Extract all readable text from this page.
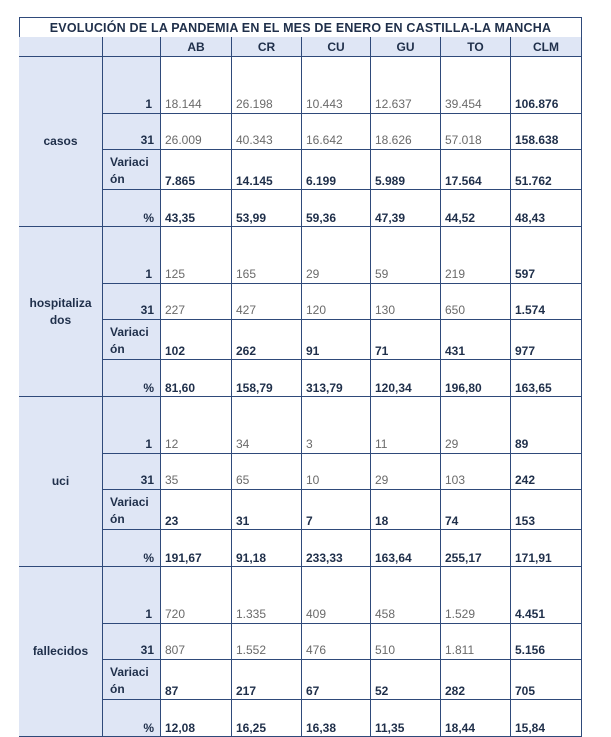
EVOLUCIÓN DE LA PANDEMIA EN EL MES DE ENERO EN CASTILLA-LA MANCHA
AB	CR	CU	GU	TO	CLM
casos
1 18.144	26.198	10.443	12.637	39.454	106.876
31 26.009	40.343	16.642	18.626	57.018	158.638
Variaci
ón	7.865	14.145	6.199	5.989	17.564	51.762
% 43,35	53,99	59,36	47,39	44,52	48,43
hospitaliza
dos
1 125	165	29	59	219	597
31 227	427	120	130	650	1.574
Variaci
ón	102	262	91	71	431	977
% 81,60	158,79	313,79	120,34	196,80	163,65
uci
1 12	34	3	11	29	89
31 35	65	10	29	103	242
Variaci
ón	23	31	7	18	74	153
% 191,67	91,18	233,33	163,64	255,17	171,91
fallecidos
1 720	1.335	409	458	1.529	4.451
31 807	1.552	476	510	1.811	5.156
Variaci
ón	87	217	67	52	282	705
% 12,08	16,25	16,38	11,35	18,44	15,84
